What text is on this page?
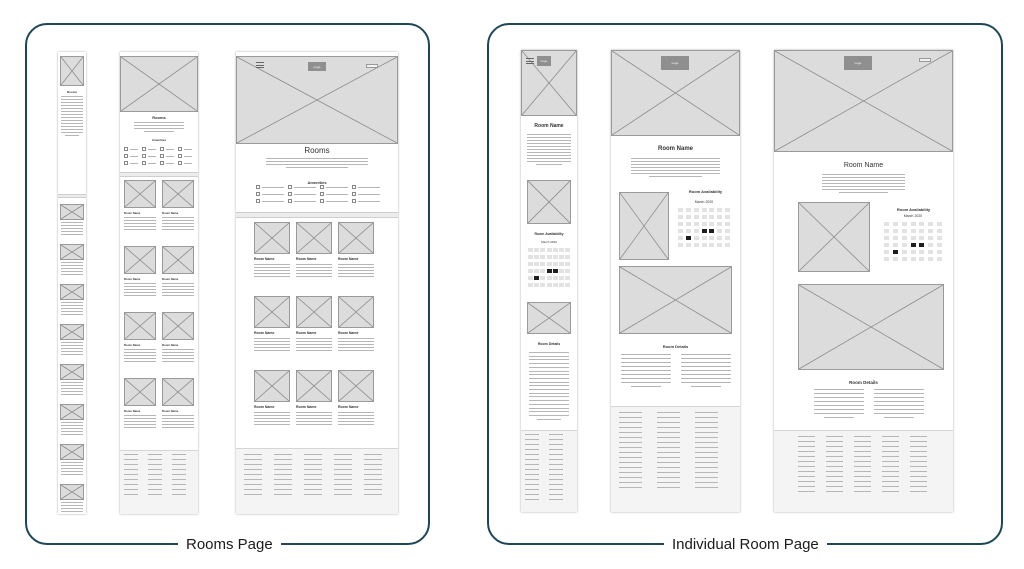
Rooms Page
Rooms
Rooms
Amenities
Room Name	Room Name
Room Name	Room Name
Room Name	Room Name
Room Name	Room Name
Logo
Rooms
Amenities
Room Name	Room Name	Room Name
Room Name	Room Name	Room Name
Room Name	Room Name	Room Name
Individual Room Page
Logo
Room Name
Room Availability
March 2020
Room Details
Logo
Room Name
Room Availability
March 2020
Room Details
Logo
Room Name
Room Availability
March 2020
Room Details
